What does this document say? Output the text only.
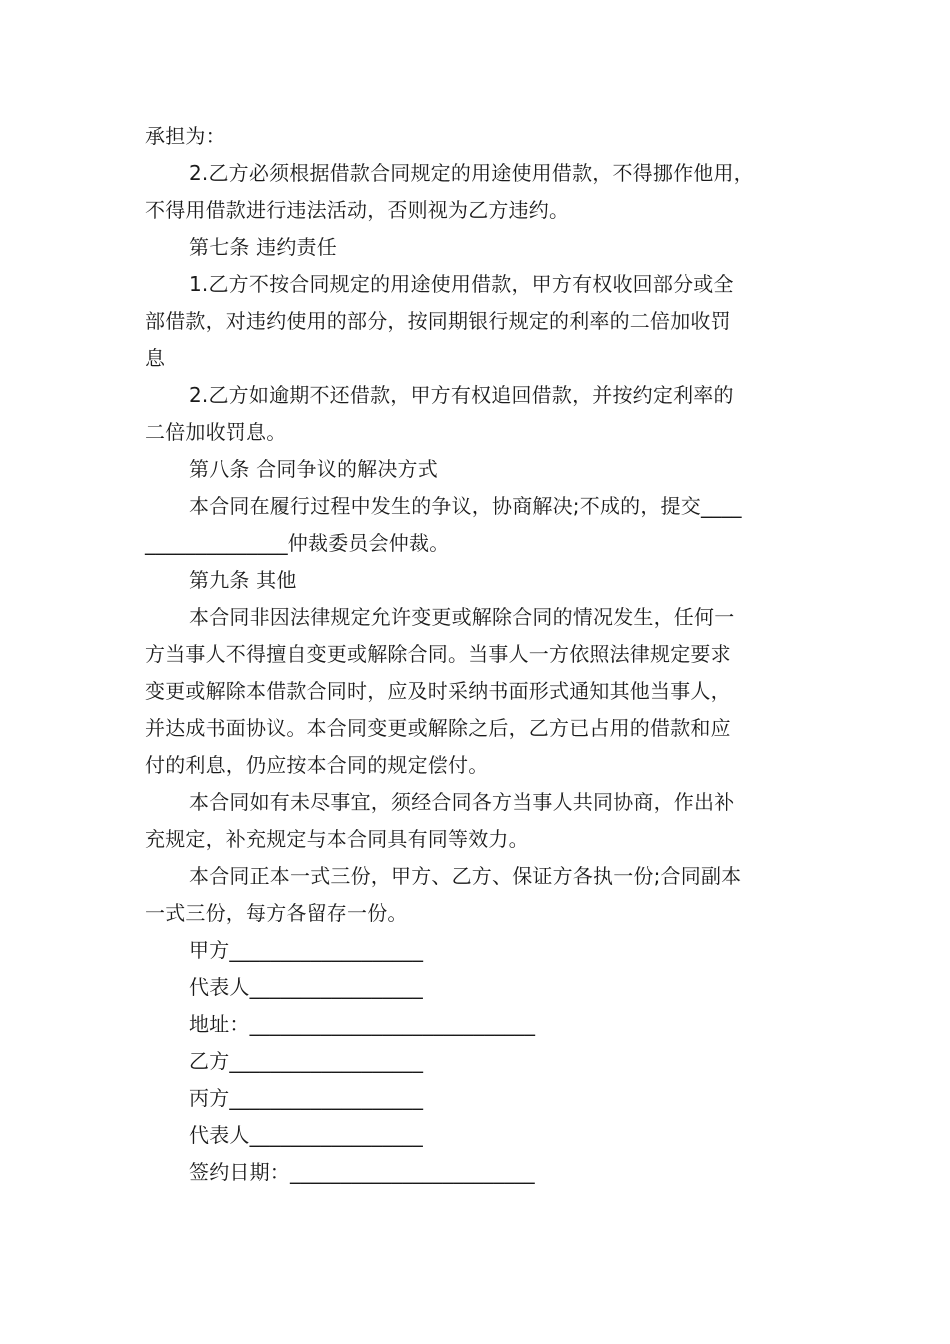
承担为：
2.乙方必须根据借款合同规定的用途使用借款，不得挪作他用，
不得用借款进行违法活动，否则视为乙方违约。
第七条 违约责任
1.乙方不按合同规定的用途使用借款，甲方有权收回部分或全
部借款，对违约使用的部分，按同期银行规定的利率的二倍加收罚
息
2.乙方如逾期不还借款，甲方有权追回借款，并按约定利率的
二倍加收罚息。
第八条 合同争议的解决方式
本合同在履行过程中发生的争议，协商解决;不成的，提交____
______________仲裁委员会仲裁。
第九条 其他
本合同非因法律规定允许变更或解除合同的情况发生，任何一
方当事人不得擅自变更或解除合同。当事人一方依照法律规定要求
变更或解除本借款合同时，应及时采纳书面形式通知其他当事人，
并达成书面协议。本合同变更或解除之后，乙方已占用的借款和应
付的利息，仍应按本合同的规定偿付。
本合同如有未尽事宜，须经合同各方当事人共同协商，作出补
充规定，补充规定与本合同具有同等效力。
本合同正本一式三份，甲方、乙方、保证方各执一份;合同副本
一式三份，每方各留存一份。
甲方___________________
代表人_________________
地址：____________________________
乙方___________________
丙方___________________
代表人_________________
签约日期：________________________
